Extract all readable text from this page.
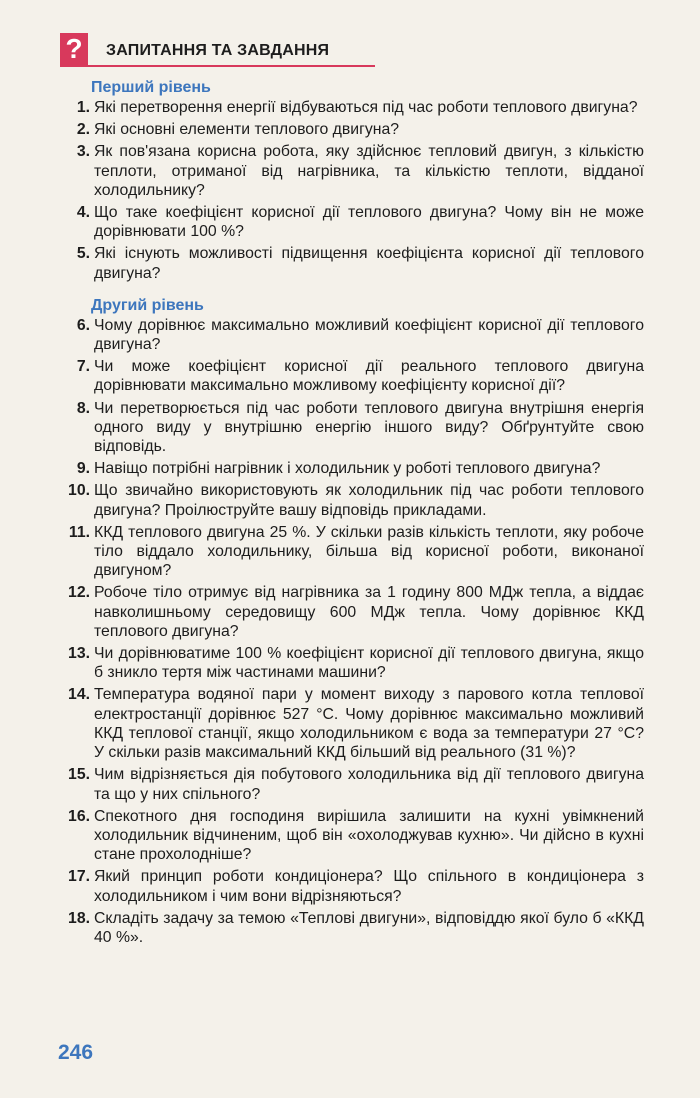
?	ЗАПИТАННЯ ТА ЗАВДАННЯ
Перший рівень
1. Які перетворення енергії відбуваються під час роботи теплового двигуна?
2. Які основні елементи теплового двигуна?
3. Як пов'язана корисна робота, яку здійснює тепловий двигун, з кількістю теплоти, отриманої від нагрівника, та кількістю теплоти, відданої холодильнику?
4. Що таке коефіцієнт корисної дії теплового двигуна? Чому він не може дорівнювати 100 %?
5. Які існують можливості підвищення коефіцієнта корисної дії теплового двигуна?
Другий рівень
6. Чому дорівнює максимально можливий коефіцієнт корисної дії теплового двигуна?
7. Чи може коефіцієнт корисної дії реального теплового двигуна дорівнювати максимально можливому коефіцієнту корисної дії?
8. Чи перетворюється під час роботи теплового двигуна внутрішня енергія одного виду у внутрішню енергію іншого виду? Обґрунтуйте свою відповідь.
9. Навіщо потрібні нагрівник і холодильник у роботі теплового двигуна?
10. Що звичайно використовують як холодильник під час роботи теплового двигуна? Проілюструйте вашу відповідь прикладами.
11. ККД теплового двигуна 25 %. У скільки разів кількість теплоти, яку робоче тіло віддало холодильнику, більша від корисної роботи, виконаної двигуном?
12. Робоче тіло отримує від нагрівника за 1 годину 800 МДж тепла, а віддає навколишньому середовищу 600 МДж тепла. Чому дорівнює ККД теплового двигуна?
13. Чи дорівнюватиме 100 % коефіцієнт корисної дії теплового двигуна, якщо б зникло тертя між частинами машини?
14. Температура водяної пари у момент виходу з парового котла теплової електростанції дорівнює 527 °С. Чому дорівнює максимально можливий ККД теплової станції, якщо холодильником є вода за температури 27 °С? У скільки разів максимальний ККД більший від реального (31 %)?
15. Чим відрізняється дія побутового холодильника від дії теплового двигуна та що у них спільного?
16. Спекотного дня господиня вирішила залишити на кухні увімкнений холодильник відчиненим, щоб він «охолоджував кухню». Чи дійсно в кухні стане прохолодніше?
17. Який принцип роботи кондиціонера? Що спільного в кондиціонера з холодильником і чим вони відрізняються?
18. Складіть задачу за темою «Теплові двигуни», відповіддю якої було б «ККД 40 %».
246
